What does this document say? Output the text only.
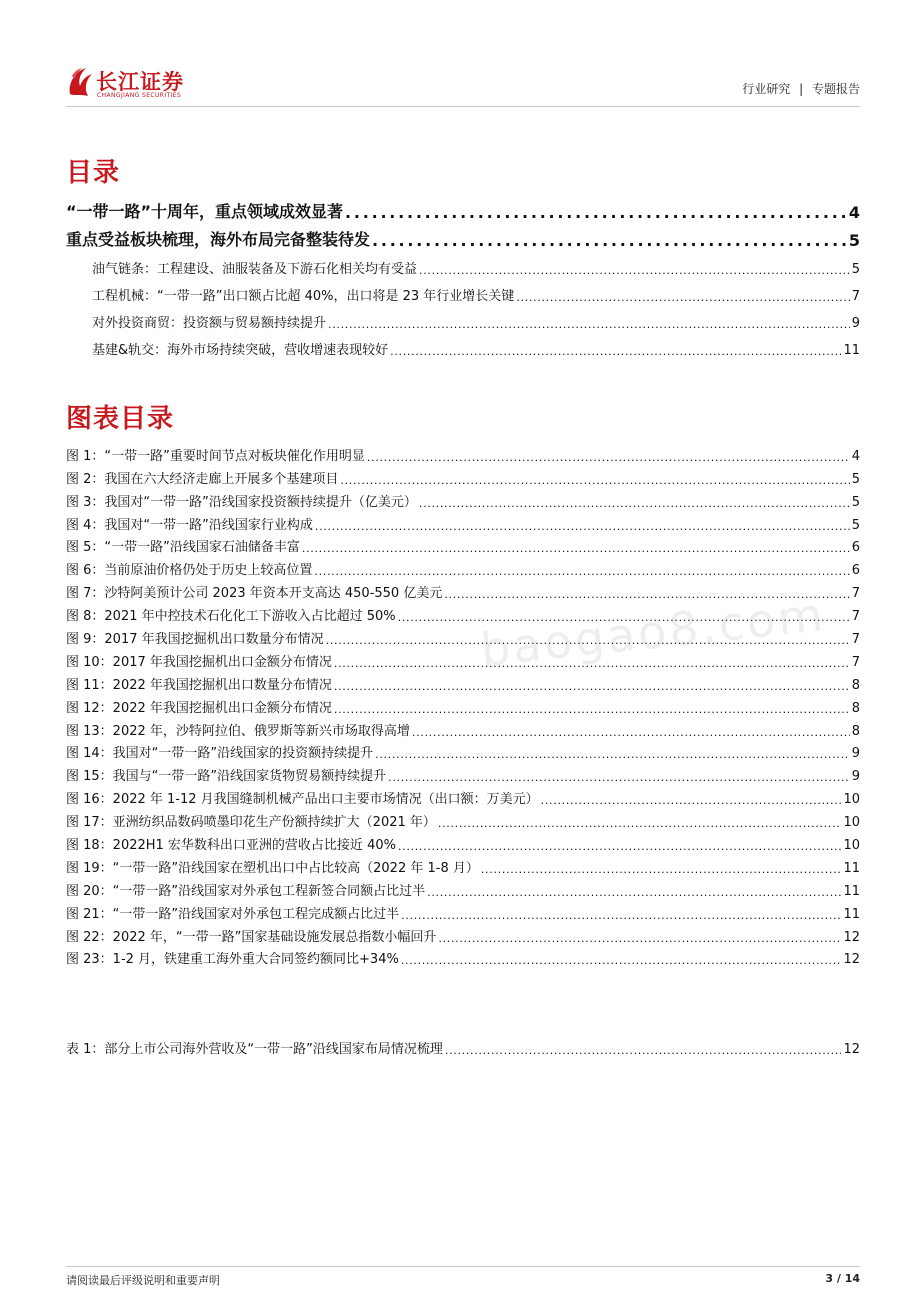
长江证券
CHANGJIANG SECURITIES	行业研究 | 专题报告
目录
“一带一路”十周年，重点领域成效显著 . . .	4
重点受益板块梳理，海外布局完备整装待发 . . .	5
油气链条：工程建设、油服装备及下游石化相关均有受益 . . .	5
工程机械：“一带一路”出口额占比超 40%，出口将是 23 年行业增长关键 . . .	7
对外投资商贸：投资额与贸易额持续提升 . . .	9
基建&轨交：海外市场持续突破，营收增速表现较好 . . .	11
图表目录
图 1：“一带一路”重要时间节点对板块催化作用明显 . . .	4
图 2：我国在六大经济走廊上开展多个基建项目 . . .	5
图 3：我国对“一带一路”沿线国家投资额持续提升（亿美元） . . .	5
图 4：我国对“一带一路”沿线国家行业构成 . . .	5
图 5：“一带一路”沿线国家石油储备丰富 . . .	6
图 6：当前原油价格仍处于历史上较高位置 . . .	6
图 7：沙特阿美预计公司 2023 年资本开支高达 450-550 亿美元 . . .	7
图 8：2021 年中控技术石化化工下游收入占比超过 50% . . .	7
图 9：2017 年我国挖掘机出口数量分布情况 . . .	7
图 10：2017 年我国挖掘机出口金额分布情况 . . .	7
图 11：2022 年我国挖掘机出口数量分布情况 . . .	8
图 12：2022 年我国挖掘机出口金额分布情况 . . .	8
图 13：2022 年，沙特阿拉伯、俄罗斯等新兴市场取得高增 . . .	8
图 14：我国对“一带一路”沿线国家的投资额持续提升 . . .	9
图 15：我国与“一带一路”沿线国家货物贸易额持续提升 . . .	9
图 16：2022 年 1-12 月我国缝制机械产品出口主要市场情况（出口额：万美元） . . .	10
图 17：亚洲纺织品数码喷墨印花生产份额持续扩大（2021 年） . . .	10
图 18：2022H1 宏华数科出口亚洲的营收占比接近 40% . . .	10
图 19：“一带一路”沿线国家在塑机出口中占比较高（2022 年 1-8 月） . . .	11
图 20：“一带一路”沿线国家对外承包工程新签合同额占比过半 . . .	11
图 21：“一带一路”沿线国家对外承包工程完成额占比过半 . . .	11
图 22：2022 年，“一带一路”国家基础设施发展总指数小幅回升 . . .	12
图 23：1-2 月，铁建重工海外重大合同签约额同比+34% . . .	12
表 1：部分上市公司海外营收及“一带一路”沿线国家布局情况梳理 . . .	12
baogao8.com
请阅读最后评级说明和重要声明	3 / 14
